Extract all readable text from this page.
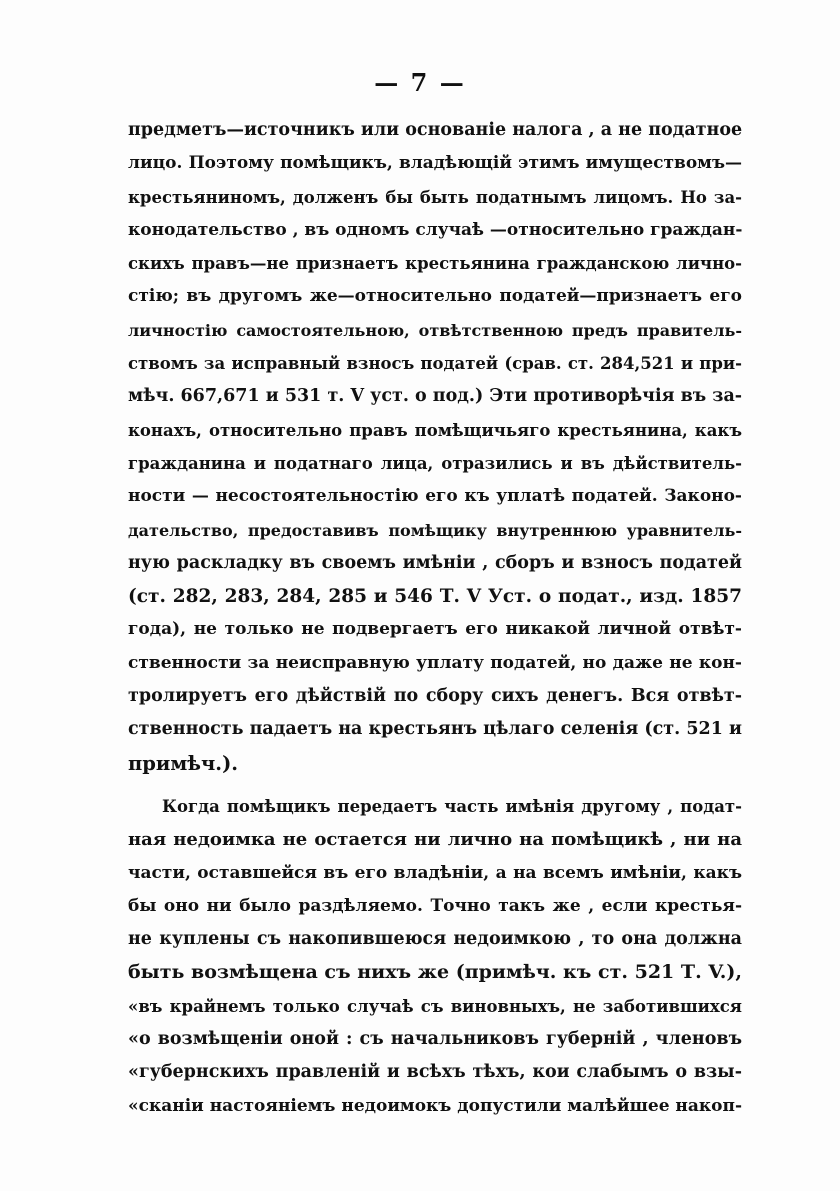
— 7 —
предметъ—источникъ или основаніе налога , а не податное
лицо. Поэтому помѣщикъ, владѣющій этимъ имуществомъ—
крестьяниномъ, долженъ бы быть податнымъ лицомъ. Но за-
конодательство , въ одномъ случаѣ —относительно граждан-
скихъ правъ—не признаетъ крестьянина гражданскою лично-
стію; въ другомъ же—относительно податей—признаетъ его
личностію самостоятельною, отвѣтственною предъ правитель-
ствомъ за исправный взносъ податей (срав. ст. 284,521 и при-
мѣч. 667,671 и 531 т. V уст. о под.) Эти противорѣчія въ за-
конахъ, относительно правъ помѣщичьяго крестьянина, какъ
гражданина и податнаго лица, отразились и въ дѣйствитель-
ности — несостоятельностію его къ уплатѣ податей. Законо-
дательство, предоставивъ помѣщику внутреннюю уравнитель-
ную раскладку въ своемъ имѣніи , сборъ и взносъ податей
(ст. 282, 283, 284, 285 и 546 Т. V Уст. о подат., изд. 1857
года), не только не подвергаетъ его никакой личной отвѣт-
ственности за неисправную уплату податей, но даже не кон-
тролируетъ его дѣйствій по сбору сихъ денегъ. Вся отвѣт-
ственность падаетъ на крестьянъ цѣлаго селенія (ст. 521 и
примѣч.).
Когда помѣщикъ передаетъ часть имѣнія другому , подат-
ная недоимка не остается ни лично на помѣщикѣ , ни на
части, оставшейся въ его владѣніи, а на всемъ имѣніи, какъ
бы оно ни было раздѣляемо. Точно такъ же , если крестья-
не куплены съ накопившеюся недоимкою , то она должна
быть возмѣщена съ нихъ же (примѣч. къ ст. 521 Т. V.),
«въ крайнемъ только случаѣ съ виновныхъ, не заботившихся
«о возмѣщеніи оной : съ начальниковъ губерній , членовъ
«губернскихъ правленій и всѣхъ тѣхъ, кои слабымъ о взы-
«сканіи настояніемъ недоимокъ допустили малѣйшее накоп-
